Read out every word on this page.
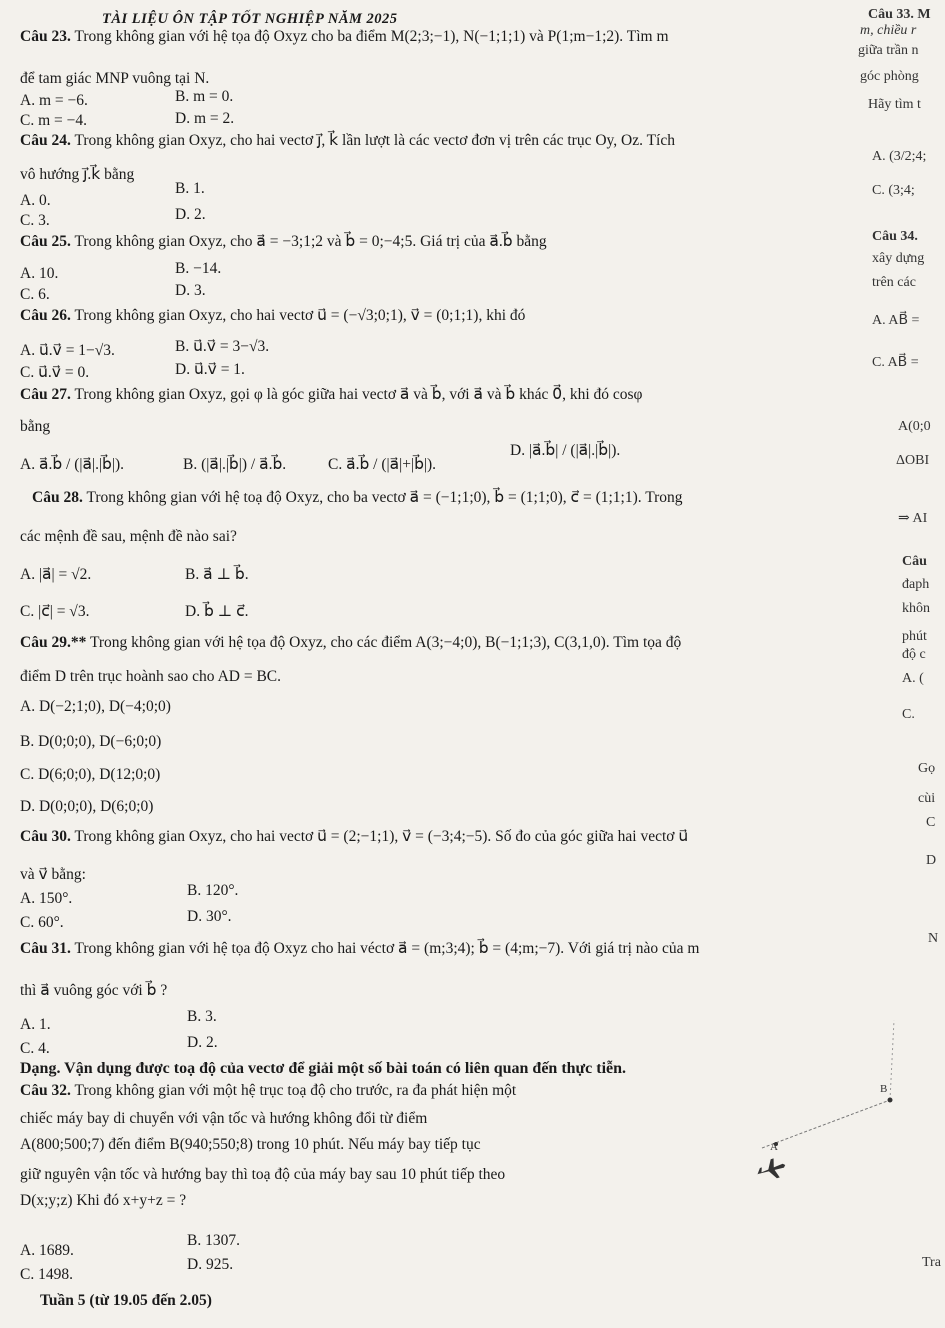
TÀI LIỆU ÔN TẬP TỐT NGHIỆP NĂM 2025
Câu 23. Trong không gian với hệ tọa độ Oxyz cho ba điểm M(2;3;−1), N(−1;1;1) và P(1;m−1;2). Tìm m
để tam giác MNP vuông tại N.
A. m = −6.	B. m = 0.
C. m = −4.	D. m = 2.
Câu 24. Trong không gian Oxyz, cho hai vectơ j⃗, k⃗ lần lượt là các vectơ đơn vị trên các trục Oy, Oz. Tích
vô hướng j⃗.k⃗ bằng
A. 0.
B. 1.
C. 3.	D. 2.
Câu 25. Trong không gian Oxyz, cho a⃗ = −3;1;2 và b⃗ = 0;−4;5. Giá trị của a⃗.b⃗ bằng
A. 10.	B. −14.
C. 6.	D. 3.
Câu 26. Trong không gian Oxyz, cho hai vectơ u⃗ = (−√3;0;1), v⃗ = (0;1;1), khi đó
A. u⃗.v⃗ = 1−√3.	B. u⃗.v⃗ = 3−√3.
C. u⃗.v⃗ = 0.	D. u⃗.v⃗ = 1.
Câu 27. Trong không gian Oxyz, gọi φ là góc giữa hai vectơ a⃗ và b⃗, với a⃗ và b⃗ khác 0⃗, khi đó cosφ
bằng
A. a⃗.b⃗ / (|a⃗|.|b⃗|).	B. (|a⃗|.|b⃗|) / a⃗.b⃗.	C. a⃗.b⃗ / (|a⃗|+|b⃗|).
D. |a⃗.b⃗| / (|a⃗|.|b⃗|).
Câu 28. Trong không gian với hệ toạ độ Oxyz, cho ba vectơ a⃗ = (−1;1;0), b⃗ = (1;1;0), c⃗ = (1;1;1). Trong
các mệnh đề sau, mệnh đề nào sai?
A. |a⃗| = √2.	B. a⃗ ⊥ b⃗.
C. |c⃗| = √3.	D. b⃗ ⊥ c⃗.
Câu 29.** Trong không gian với hệ tọa độ Oxyz, cho các điểm A(3;−4;0), B(−1;1;3), C(3,1,0). Tìm tọa độ
điểm D trên trục hoành sao cho AD = BC.
A. D(−2;1;0), D(−4;0;0)
B. D(0;0;0), D(−6;0;0)
C. D(6;0;0), D(12;0;0)
D. D(0;0;0), D(6;0;0)
Câu 30. Trong không gian Oxyz, cho hai vectơ u⃗ = (2;−1;1), v⃗ = (−3;4;−5). Số đo của góc giữa hai vectơ u⃗
và v⃗ bằng:
A. 150°.	B. 120°.
C. 60°.	D. 30°.
Câu 31. Trong không gian với hệ tọa độ Oxyz cho hai véctơ a⃗ = (m;3;4); b⃗ = (4;m;−7). Với giá trị nào của m
thì a⃗ vuông góc với b⃗ ?
A. 1.	B. 3.
C. 4.	D. 2.
Dạng. Vận dụng được toạ độ của vectơ để giải một số bài toán có liên quan đến thực tiễn.
Câu 32. Trong không gian với một hệ trục toạ độ cho trước, ra đa phát hiện một
chiếc máy bay di chuyển với vận tốc và hướng không đổi từ điểm
A(800;500;7) đến điểm B(940;550;8) trong 10 phút. Nếu máy bay tiếp tục
giữ nguyên vận tốc và hướng bay thì toạ độ của máy bay sau 10 phút tiếp theo
D(x;y;z) Khi đó x+y+z = ?
A. 1689.
B. 1307.
C. 1498.
D. 925.
B
A
Tuần 5 (từ 19.05 đến 2.05)
Câu 33. M
m, chiều r
giữa trần n
góc phòng
Hãy tìm t
A. (3/2;4;
C. (3;4;
Câu 34.
xây dựng
trên các
A. AB⃗ =
C. AB⃗ =
A(0;0
ΔOBI
⇒ AI
Câu
đaph
khôn
phút
độ c
A. (
C.
Gọ
cùi
C
D
N
Tra
